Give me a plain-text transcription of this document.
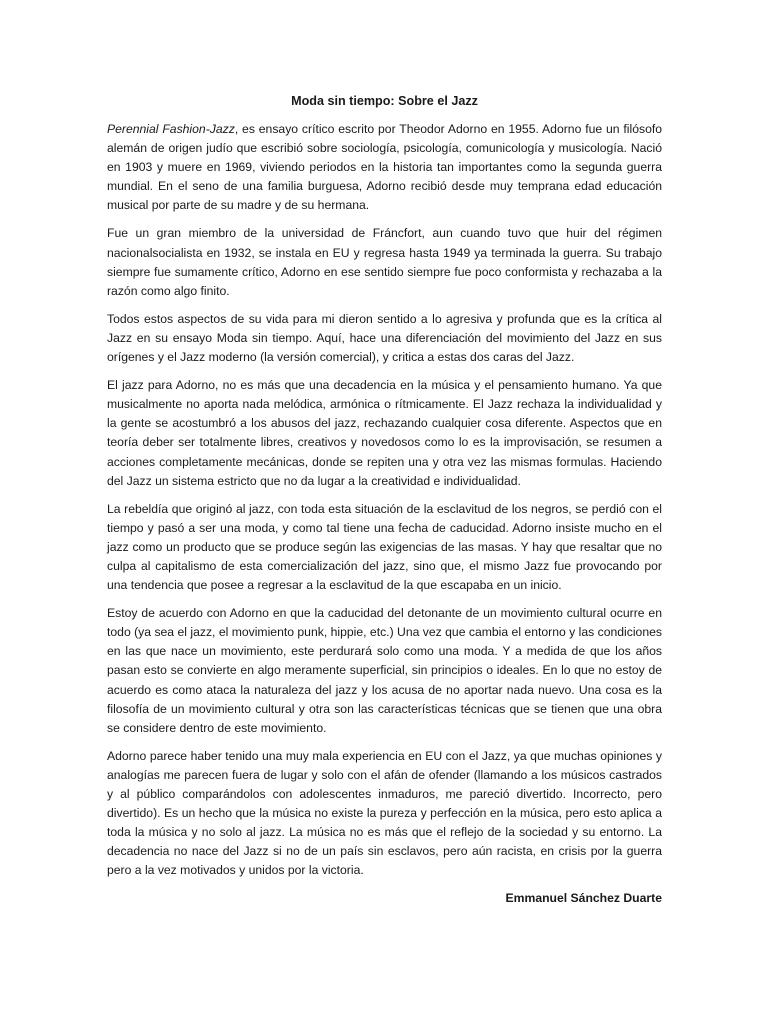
Moda sin tiempo: Sobre el Jazz

Perennial Fashion-Jazz, es ensayo crítico escrito por Theodor Adorno en 1955. Adorno fue un filósofo alemán de origen judío que escribió sobre sociología, psicología, comunicología y musicología. Nació en 1903 y muere en 1969, viviendo periodos en la historia tan importantes como la segunda guerra mundial. En el seno de una familia burguesa, Adorno recibió desde muy temprana edad educación musical por parte de su madre y de su hermana.

Fue un gran miembro de la universidad de Fráncfort, aun cuando tuvo que huir del régimen nacionalsocialista en 1932, se instala en EU y regresa hasta 1949 ya terminada la guerra. Su trabajo siempre fue sumamente crítico, Adorno en ese sentido siempre fue poco conformista y rechazaba a la razón como algo finito.

Todos estos aspectos de su vida para mi dieron sentido a lo agresiva y profunda que es la crítica al Jazz en su ensayo Moda sin tiempo. Aquí, hace una diferenciación del movimiento del Jazz en sus orígenes y el Jazz moderno (la versión comercial), y critica a estas dos caras del Jazz.

El jazz para Adorno, no es más que una decadencia en la música y el pensamiento humano. Ya que musicalmente no aporta nada melódica, armónica o rítmicamente. El Jazz rechaza la individualidad y la gente se acostumbró a los abusos del jazz, rechazando cualquier cosa diferente. Aspectos que en teoría deber ser totalmente libres, creativos y novedosos como lo es la improvisación, se resumen a acciones completamente mecánicas, donde se repiten una y otra vez las mismas formulas. Haciendo del Jazz un sistema estricto que no da lugar a la creatividad e individualidad.

La rebeldía que originó al jazz, con toda esta situación de la esclavitud de los negros, se perdió con el tiempo y pasó a ser una moda, y como tal tiene una fecha de caducidad. Adorno insiste mucho en el jazz como un producto que se produce según las exigencias de las masas. Y hay que resaltar que no culpa al capitalismo de esta comercialización del jazz, sino que, el mismo Jazz fue provocando por una tendencia que posee a regresar a la esclavitud de la que escapaba en un inicio.

Estoy de acuerdo con Adorno en que la caducidad del detonante de un movimiento cultural ocurre en todo (ya sea el jazz, el movimiento punk, hippie, etc.) Una vez que cambia el entorno y las condiciones en las que nace un movimiento, este perdurará solo como una moda. Y a medida de que los años pasan esto se convierte en algo meramente superficial, sin principios o ideales. En lo que no estoy de acuerdo es como ataca la naturaleza del jazz y los acusa de no aportar nada nuevo. Una cosa es la filosofía de un movimiento cultural y otra son las características técnicas que se tienen que una obra se considere dentro de este movimiento.

Adorno parece haber tenido una muy mala experiencia en EU con el Jazz, ya que muchas opiniones y analogías me parecen fuera de lugar y solo con el afán de ofender (llamando a los músicos castrados y al público comparándolos con adolescentes inmaduros, me pareció divertido. Incorrecto, pero divertido). Es un hecho que la música no existe la pureza y perfección en la música, pero esto aplica a toda la música y no solo al jazz. La música no es más que el reflejo de la sociedad y su entorno. La decadencia no nace del Jazz si no de un país sin esclavos, pero aún racista, en crisis por la guerra pero a la vez motivados y unidos por la victoria.

Emmanuel Sánchez Duarte
